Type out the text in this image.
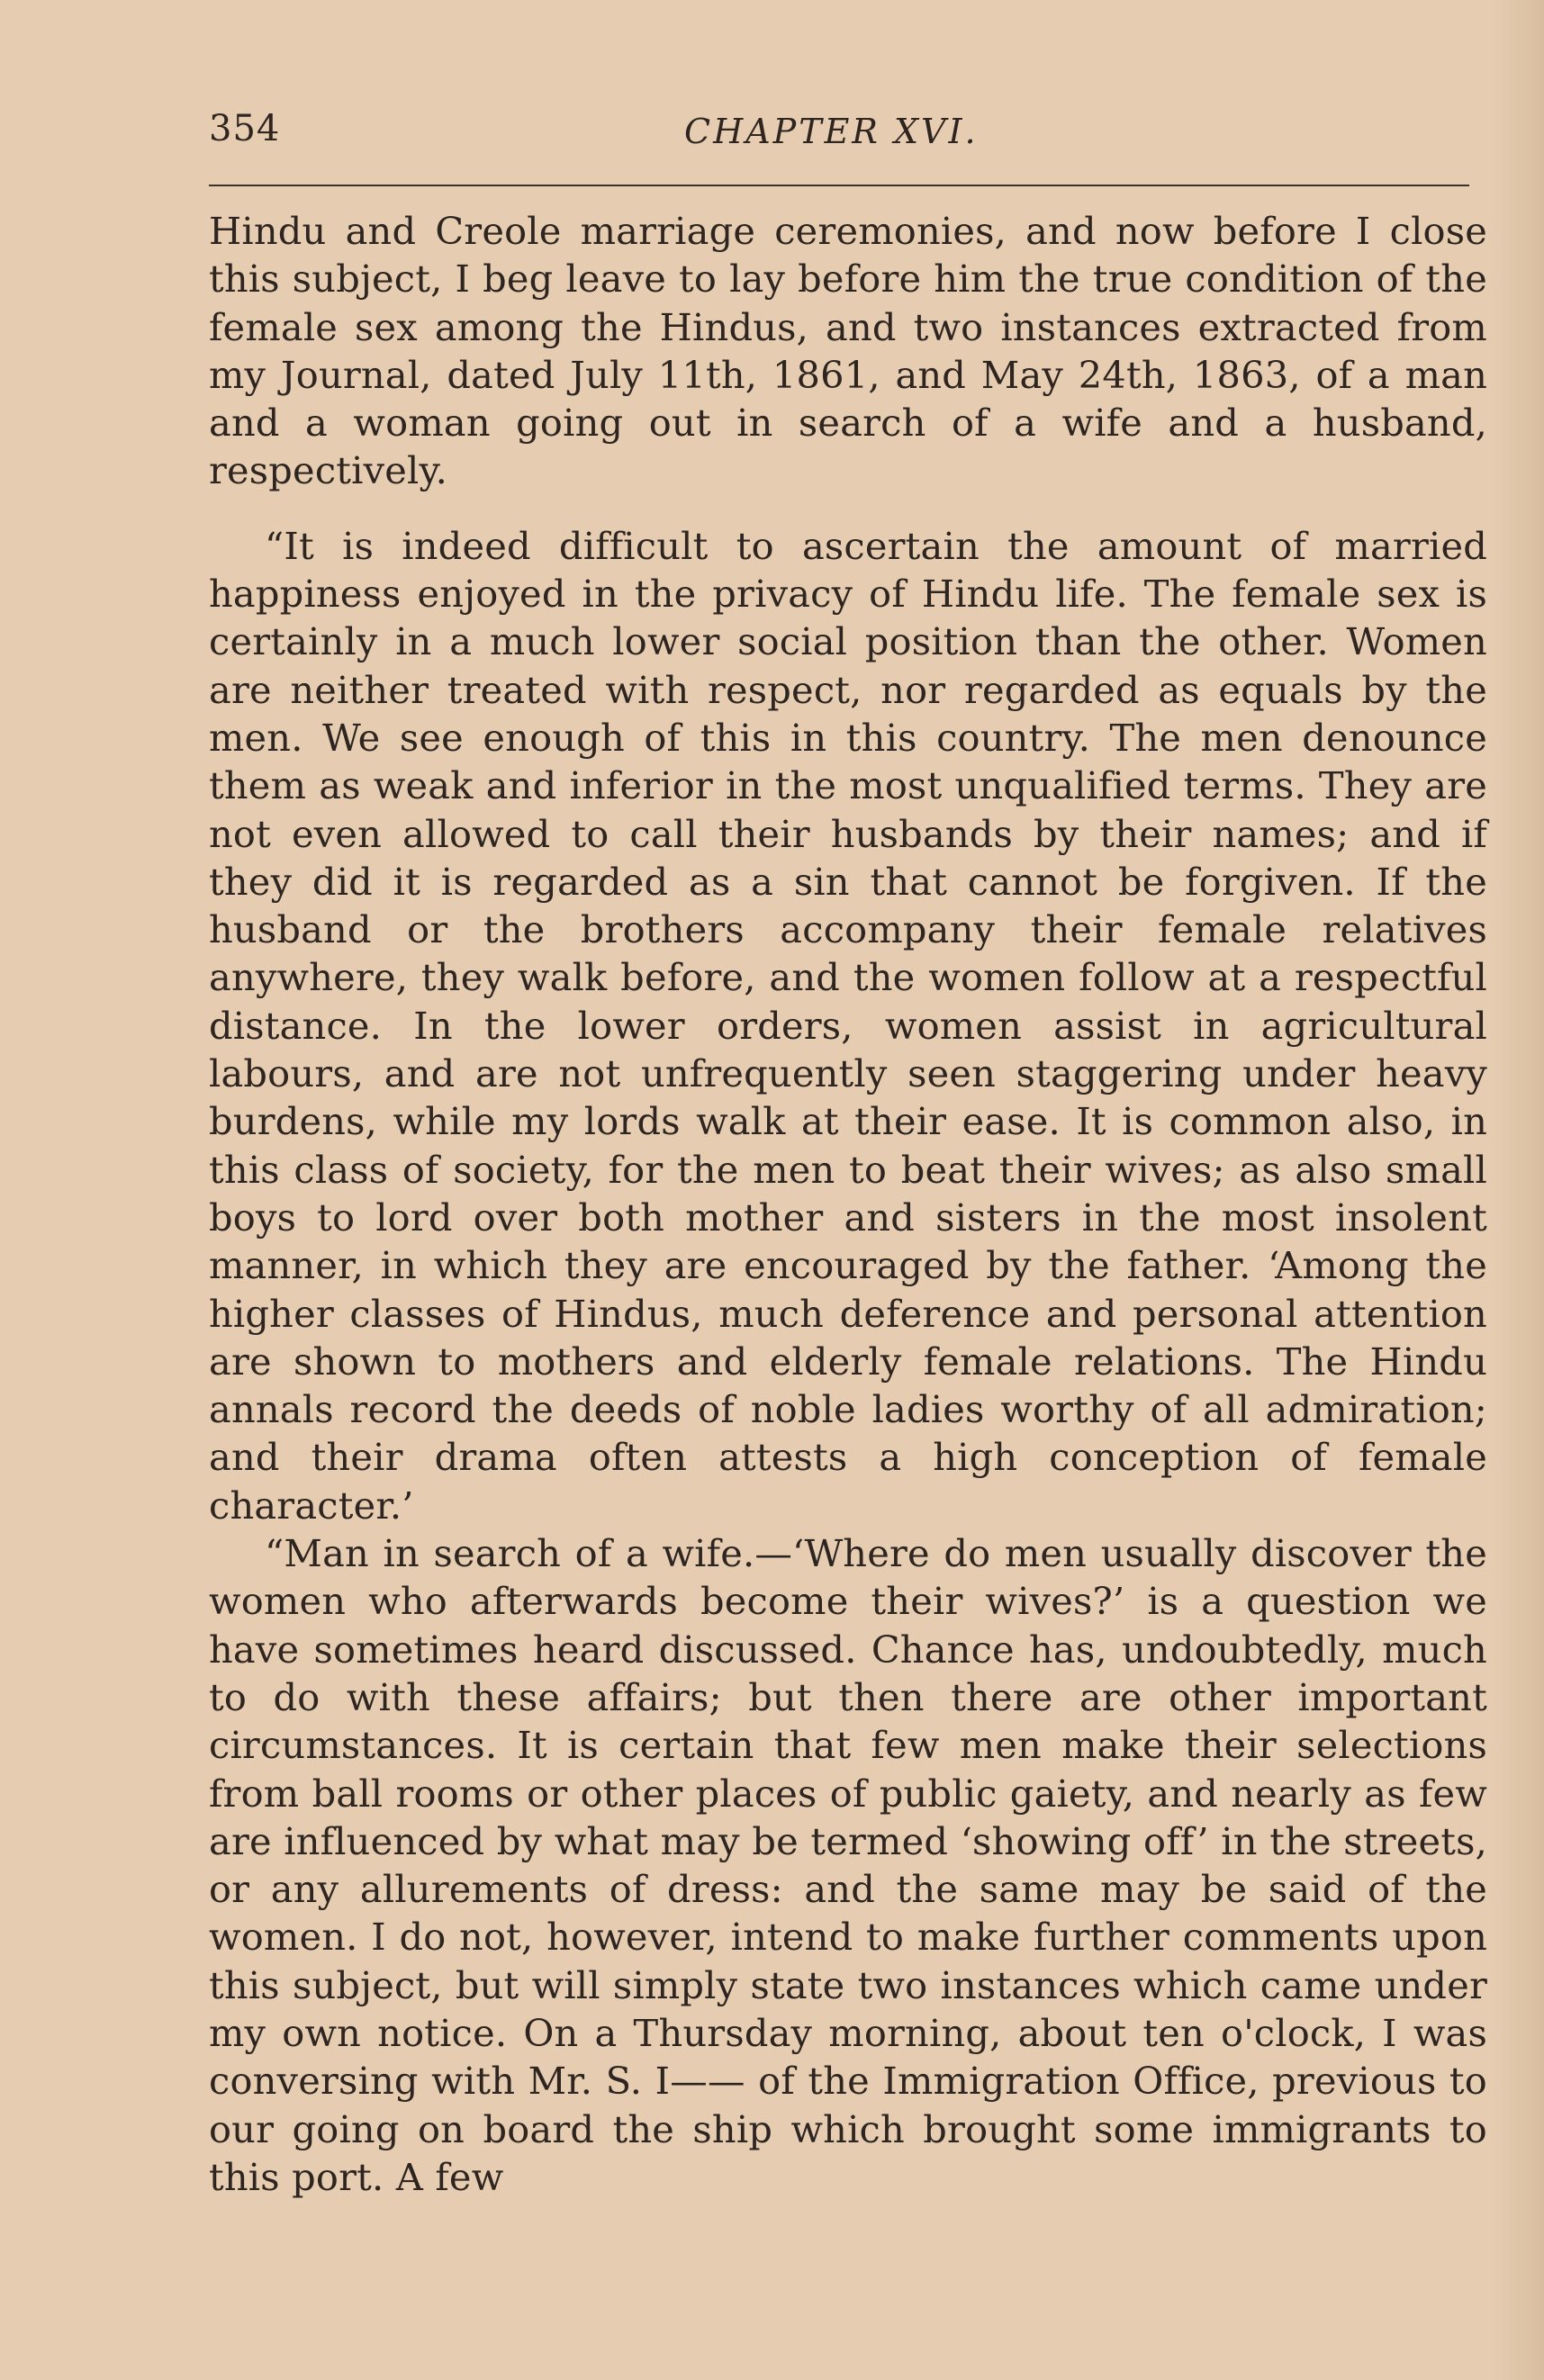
354	CHAPTER XVI.

Hindu and Creole marriage ceremonies, and now before I close this subject, I beg leave to lay before him the true condition of the female sex among the Hindus, and two instances extracted from my Journal, dated July 11th, 1861, and May 24th, 1863, of a man and a woman going out in search of a wife and a husband, respectively.

“It is indeed difficult to ascertain the amount of married happiness enjoyed in the privacy of Hindu life. The female sex is certainly in a much lower social position than the other. Women are neither treated with respect, nor regarded as equals by the men. We see enough of this in this country. The men denounce them as weak and inferior in the most unqualified terms. They are not even allowed to call their husbands by their names; and if they did it is regarded as a sin that cannot be forgiven. If the husband or the brothers accompany their female relatives anywhere, they walk before, and the women follow at a respectful distance. In the lower orders, women assist in agricultural labours, and are not unfrequently seen staggering under heavy burdens, while my lords walk at their ease. It is common also, in this class of society, for the men to beat their wives; as also small boys to lord over both mother and sisters in the most insolent manner, in which they are encouraged by the father. ‘Among the higher classes of Hindus, much deference and personal attention are shown to mothers and elderly female relations. The Hindu annals record the deeds of noble ladies worthy of all admiration; and their drama often attests a high conception of female character.’

“Man in search of a wife.—‘Where do men usually discover the women who afterwards become their wives?’ is a question we have sometimes heard discussed. Chance has, undoubtedly, much to do with these affairs; but then there are other important circumstances. It is certain that few men make their selections from ball rooms or other places of public gaiety, and nearly as few are influenced by what may be termed ‘showing off’ in the streets, or any allurements of dress: and the same may be said of the women. I do not, however, intend to make further comments upon this subject, but will simply state two instances which came under my own notice. On a Thursday morning, about ten o'clock, I was conversing with Mr. S. I—— of the Immigration Office, previous to our going on board the ship which brought some immigrants to this port. A few
